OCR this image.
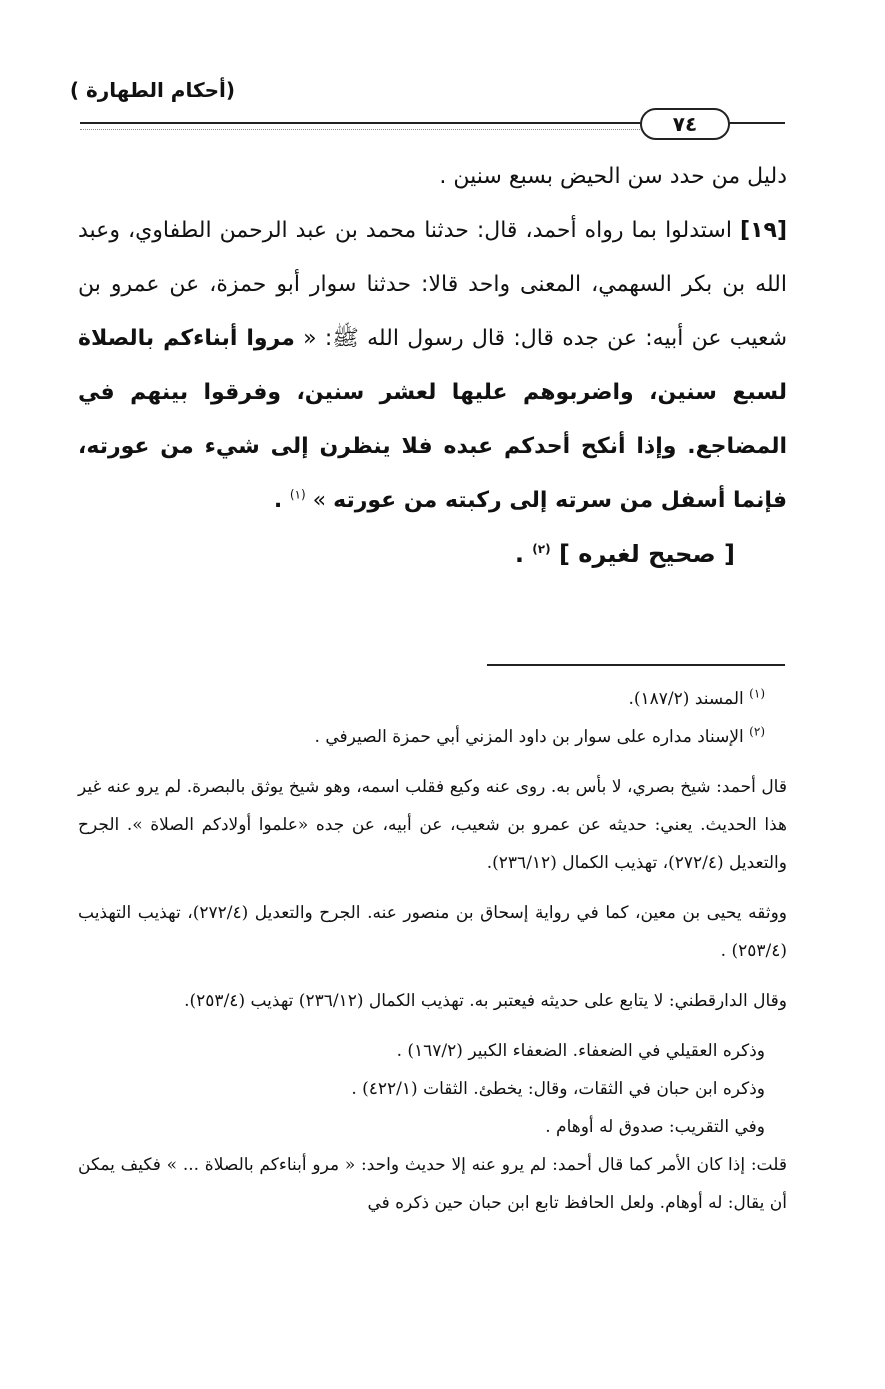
(أحكام الطهارة )
٧٤

دليل من حدد سن الحيض بسبع سنين .

[١٩] استدلوا بما رواه أحمد، قال: حدثنا محمد بن عبد الرحمن الطفاوي، وعبد الله بن بكر السهمي، المعنى واحد قالا: حدثنا سوار أبو حمزة، عن عمرو بن شعيب عن أبيه: عن جده قال: قال رسول الله ﷺ: « مروا أبناءكم بالصلاة لسبع سنين، واضربوهم عليها لعشر سنين، وفرقوا بينهم في المضاجع. وإذا أنكح أحدكم عبده فلا ينظرن إلى شيء من عورته، فإنما أسفل من سرته إلى ركبته من عورته » $^{(١)}$ .

[ صحيح لغيره ] $^{(٢)}$ .

$^{(١)}$ المسند (١٨٧/٢).

$^{(٢)}$ الإسناد مداره على سوار بن داود المزني أبي حمزة الصيرفي .

قال أحمد: شيخ بصري، لا بأس به. روى عنه وكيع فقلب اسمه، وهو شيخ يوثق بالبصرة. لم يرو عنه غير هذا الحديث. يعني: حديثه عن عمرو بن شعيب، عن أبيه، عن جده «علموا أولادكم الصلاة ». الجرح والتعديل (٢٧٢/٤)، تهذيب الكمال (٢٣٦/١٢).

ووثقه يحيى بن معين، كما في رواية إسحاق بن منصور عنه. الجرح والتعديل (٢٧٢/٤)، تهذيب التهذيب (٢٥٣/٤) .

وقال الدارقطني: لا يتابع على حديثه فيعتبر به. تهذيب الكمال (٢٣٦/١٢) تهذيب (٢٥٣/٤).

وذكره العقيلي في الضعفاء. الضعفاء الكبير (١٦٧/٢) .

وذكره ابن حبان في الثقات، وقال: يخطئ. الثقات (٤٢٢/١) .

وفي التقريب: صدوق له أوهام .

قلت: إذا كان الأمر كما قال أحمد: لم يرو عنه إلا حديث واحد: « مرو أبناءكم بالصلاة ... » فكيف يمكن أن يقال: له أوهام. ولعل الحافظ تابع ابن حبان حين ذكره في
